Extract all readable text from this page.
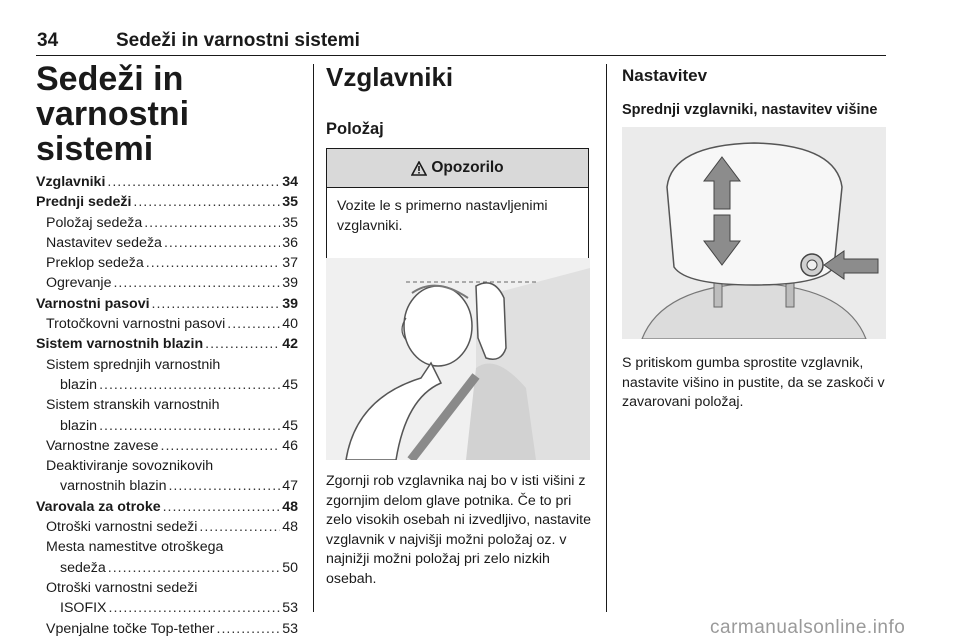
34	Sedeži in varnostni sistemi
Sedeži in varnostni sistemi
Vzglavniki .....	34
Prednji sedeži .....	35
Položaj sedeža .....	35
Nastavitev sedeža .....	36
Preklop sedeža .....	37
Ogrevanje .....	39
Varnostni pasovi .....	39
Trotočkovni varnostni pasovi .....	40
Sistem varnostnih blazin .....	42
Sistem sprednjih varnostnih
blazin .....	45
Sistem stranskih varnostnih
blazin .....	45
Varnostne zavese .....	46
Deaktiviranje sovoznikovih
varnostnih blazin .....	47
Varovala za otroke .....	48
Otroški varnostni sedeži .....	48
Mesta namestitve otroškega
sedeža .....	50
Otroški varnostni sedeži
ISOFIX .....	53
Vpenjalne točke Top-tether .....	53
Vzglavniki
Položaj
Opozorilo
Vozite le s primerno nastavljenimi vzglavniki.
Zgornji rob vzglavnika naj bo v isti višini z zgornjim delom glave potnika. Če to pri zelo visokih osebah ni izvedljivo, nastavite vzglavnik v najvišji možni položaj oz. v najnižji možni položaj pri zelo nizkih osebah.
Nastavitev
Sprednji vzglavniki, nastavitev višine
S pritiskom gumba sprostite vzglavnik, nastavite višino in pustite, da se zaskoči v zavarovani položaj.
carmanualsonline.info
